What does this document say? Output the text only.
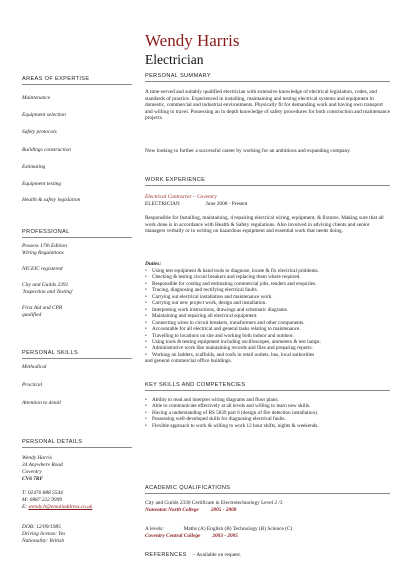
Wendy Harris
Electrician
AREAS OF EXPERTISE
Maintenance
Equipment selection
Safety protocols
Buildings construction
Estimating
Equipment testing
Health & safety legislation
PROFESSIONAL
Possess 17th Edition
Wiring Regulations
NICEIC registered
City and Guilds 2391
'Inspection and Testing'
First Aid and CPR
qualified
PERSONAL SKILLS
Methodical
Practical
Attention to detail
PERSONAL DETAILS
Wendy Harris
34 Anywhere Road
Coventry
CV6 7RF
T: 02476 888 5544
M: 0887 222 9999
E: wendy.h@emailaddress.co.uk
DOB: 12/09/1985
Driving license: Yes
Nationality: British
PERSONAL SUMMARY
A time-served and suitably qualified electrician with extensive knowledge of electrical legislation, codes, and standards of practice. Experienced in installing, maintaining and testing electrical systems and equipment in domestic, commercial and industrial environments. Physically fit for demanding work and having own transport and willing to travel. Possessing an in depth knowledge of safety procedures for both construction and maintenance projects.
Now looking to further a successful career by working for an ambitious and expanding company.
WORK EXPERIENCE
Electrical Contractor – Coventry
ELECTRICIAN	June 2008 - Present
Responsible for Installing, maintaining, d repairing electrical wiring, equipment, & fixtures. Making sure that all work done is in accordance with Health & Safety regulations. Also involved in advising clients and senior managers verbally or in writing on hazardous equipment and essential work that needs doing.
Duties:
• Using test equipment & hand tools to diagnose, locate & fix electrical problems.
• Checking & testing circuit breakers and replacing them where required.
• Responsible for costing and estimating commercial jobs, tenders and enquiries.
• Tracing, diagnosing and rectifying electrical faults.
• Carrying out electrical installation and maintenance work.
• Carrying out new project work, design and installation.
• Interpreting work instructions, drawings and schematic diagrams.
• Maintaining and repairing all electrical equipment.
• Connecting wires to circuit breakers, transformers and other components.
• Accountable for all electrical and general tasks relating to maintenance.
• Travelling to locations on site and working both indoor and outdoor.
• Using tools & testing equipment including oscilloscopes, ammeters & test lamps.
• Administrative work like maintaining records and files and preparing reports.
• Working on ladders, scaffolds, and roofs in retail outlets, bus, local authorities
and general commercial office buildings.
KEY SKILLS AND COMPETENCIES
• Ability to read and interpret wiring diagrams and floor plans.
• Able to communicate effectively at all levels and willing to learn new skills.
• Having a understanding of BS 5839 part 6 (design of fire detection installation).
• Possessing well-developed skills for diagnosing electrical faults.
• Flexible approach to work & willing to work 12 hour shifts, nights & weekends.
ACADEMIC QUALIFICATIONS
City and Guilds 2330 Certificate in Electrotechnology Level 2 /3
Nuneaton North College 2005 - 2008
A levels:	Maths (A) English (B) Technology (B) Science (C)
Coventry Central College 2003 - 2005
REFERENCES – Available on request.
